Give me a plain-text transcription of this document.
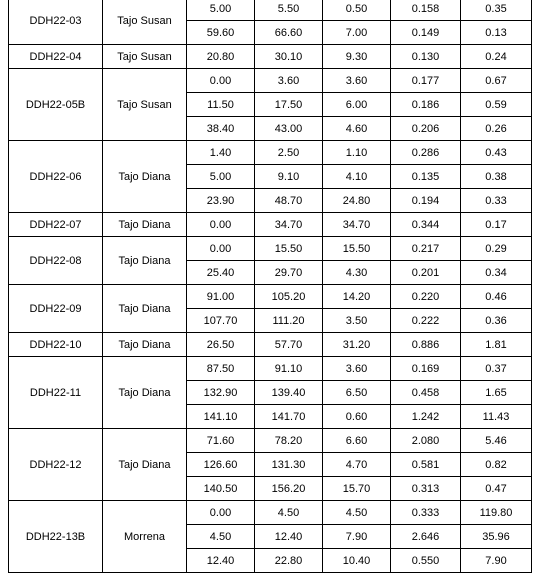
DDH22-03	Tajo Susan	5.00	5.50	0.50	0.158	0.35
		59.60	66.60	7.00	0.149	0.13
DDH22-04	Tajo Susan	20.80	30.10	9.30	0.130	0.24
DDH22-05B	Tajo Susan	0.00	3.60	3.60	0.177	0.67
		11.50	17.50	6.00	0.186	0.59
		38.40	43.00	4.60	0.206	0.26
DDH22-06	Tajo Diana	1.40	2.50	1.10	0.286	0.43
		5.00	9.10	4.10	0.135	0.38
		23.90	48.70	24.80	0.194	0.33
DDH22-07	Tajo Diana	0.00	34.70	34.70	0.344	0.17
DDH22-08	Tajo Diana	0.00	15.50	15.50	0.217	0.29
		25.40	29.70	4.30	0.201	0.34
DDH22-09	Tajo Diana	91.00	105.20	14.20	0.220	0.46
		107.70	111.20	3.50	0.222	0.36
DDH22-10	Tajo Diana	26.50	57.70	31.20	0.886	1.81
DDH22-11	Tajo Diana	87.50	91.10	3.60	0.169	0.37
		132.90	139.40	6.50	0.458	1.65
		141.10	141.70	0.60	1.242	11.43
DDH22-12	Tajo Diana	71.60	78.20	6.60	2.080	5.46
		126.60	131.30	4.70	0.581	0.82
		140.50	156.20	15.70	0.313	0.47
DDH22-13B	Morrena	0.00	4.50	4.50	0.333	119.80
		4.50	12.40	7.90	2.646	35.96
		12.40	22.80	10.40	0.550	7.90
